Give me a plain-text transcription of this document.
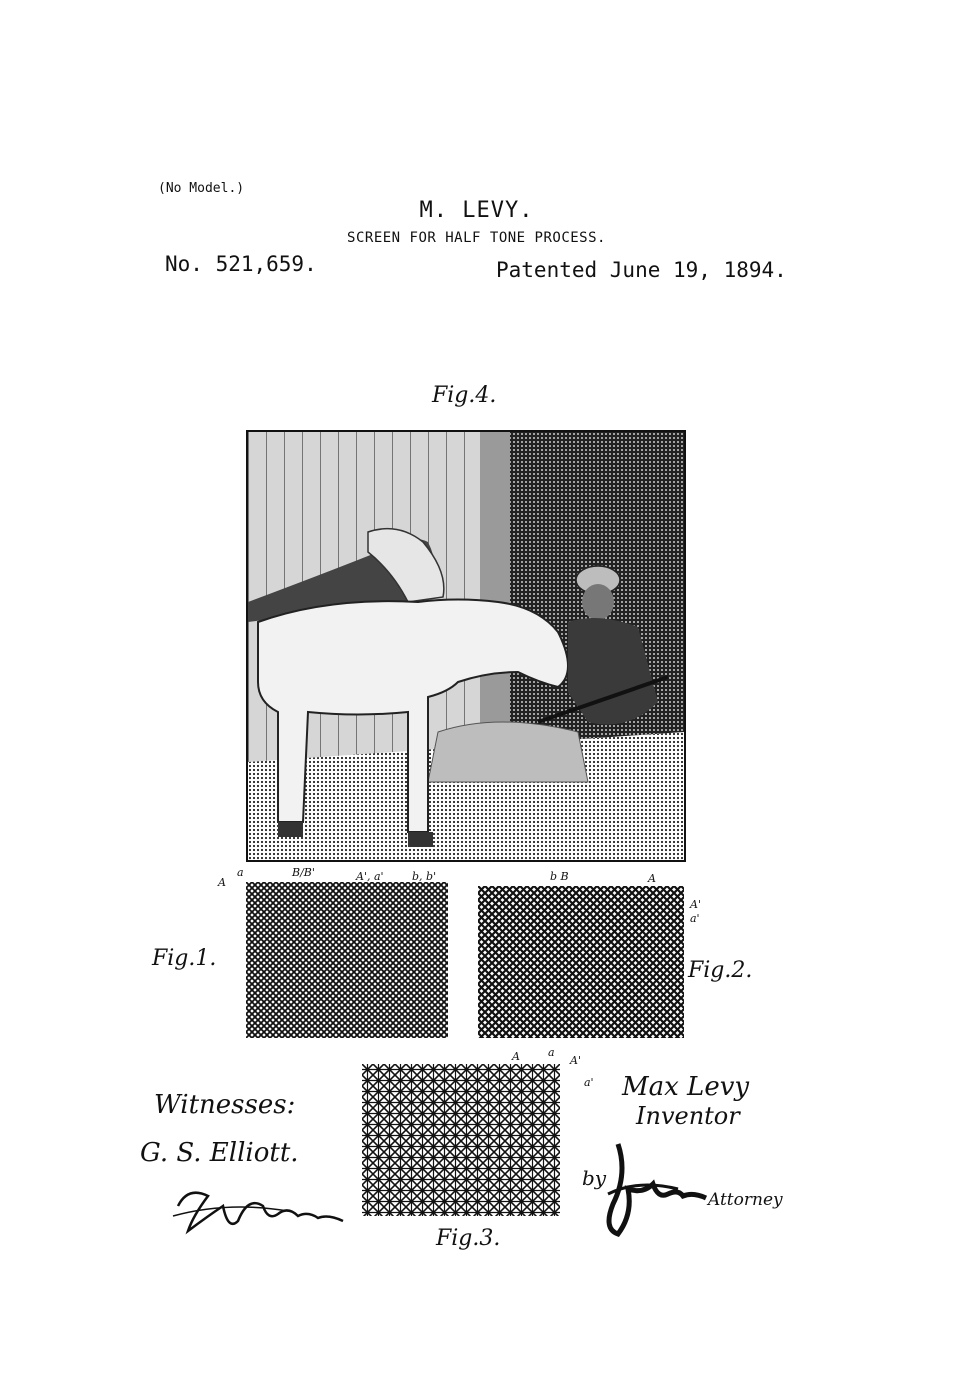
(No Model.)
M. LEVY.
SCREEN FOR HALF TONE PROCESS.
No. 521,659.	Patented June 19, 1894.
Fig.4.
Fig.1.
a
A
B/B'	A', a'	b, b'
Fig.2.
b B	A
A'
a'
Fig.3.
A	a
A'
a'
Witnesses:
G. S. Elliott.
Max Levy
Inventor
by
Attorney
